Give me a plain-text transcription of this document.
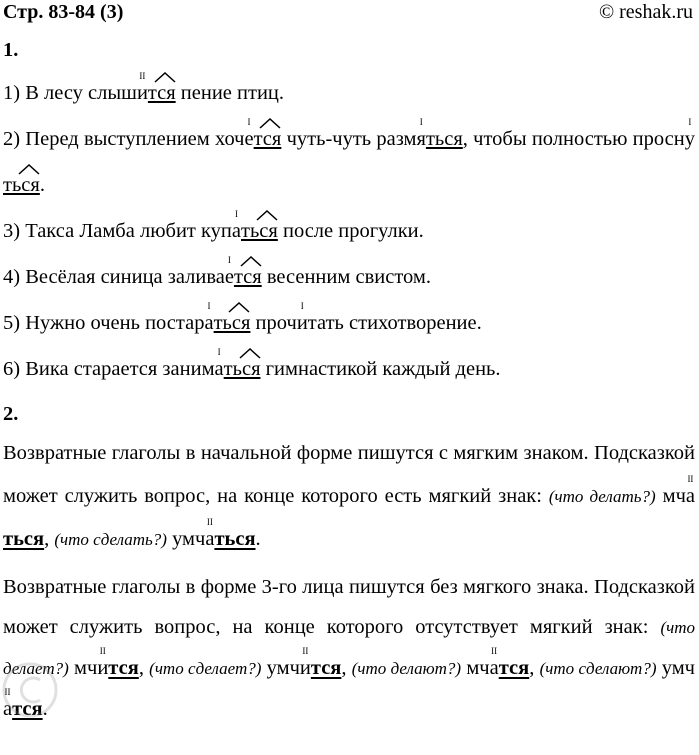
Стр. 83-84 (3)	© reshak.ru
1.
1) В лесу слыши
II
тся
пение птиц.
2) Перед выступлением хоче
I
тся
чуть-чуть размя
I
ться, чтобы полностью просну
I
ться
.
3) Такса Ламба любит купа
I
ться
после прогулки.
4) Весёлая синица заливае
I
тся
весенним свистом.
5) Нужно очень постара
I
ться
прочи
I
тать стихотворение.
6) Вика старается занима
I
ться
гимнастикой каждый день.
2.
Возвратные глаголы в начальной форме пишутся с мягким знаком. Подсказкой может служить вопрос, на конце которого есть мягкий знак: (что делать?) мча
II
ться, (что сделать?) умча
II
ться.
Возвратные глаголы в форме 3-го лица пишутся без мягкого знака. Подсказкой может служить вопрос, на конце которого отсутствует мягкий знак: (что делает?) мчи
II
тся, (что сделает?) умчи
II
тся, (что делают?) мча
II
тся, (что сделают?) умча
II
тся.
